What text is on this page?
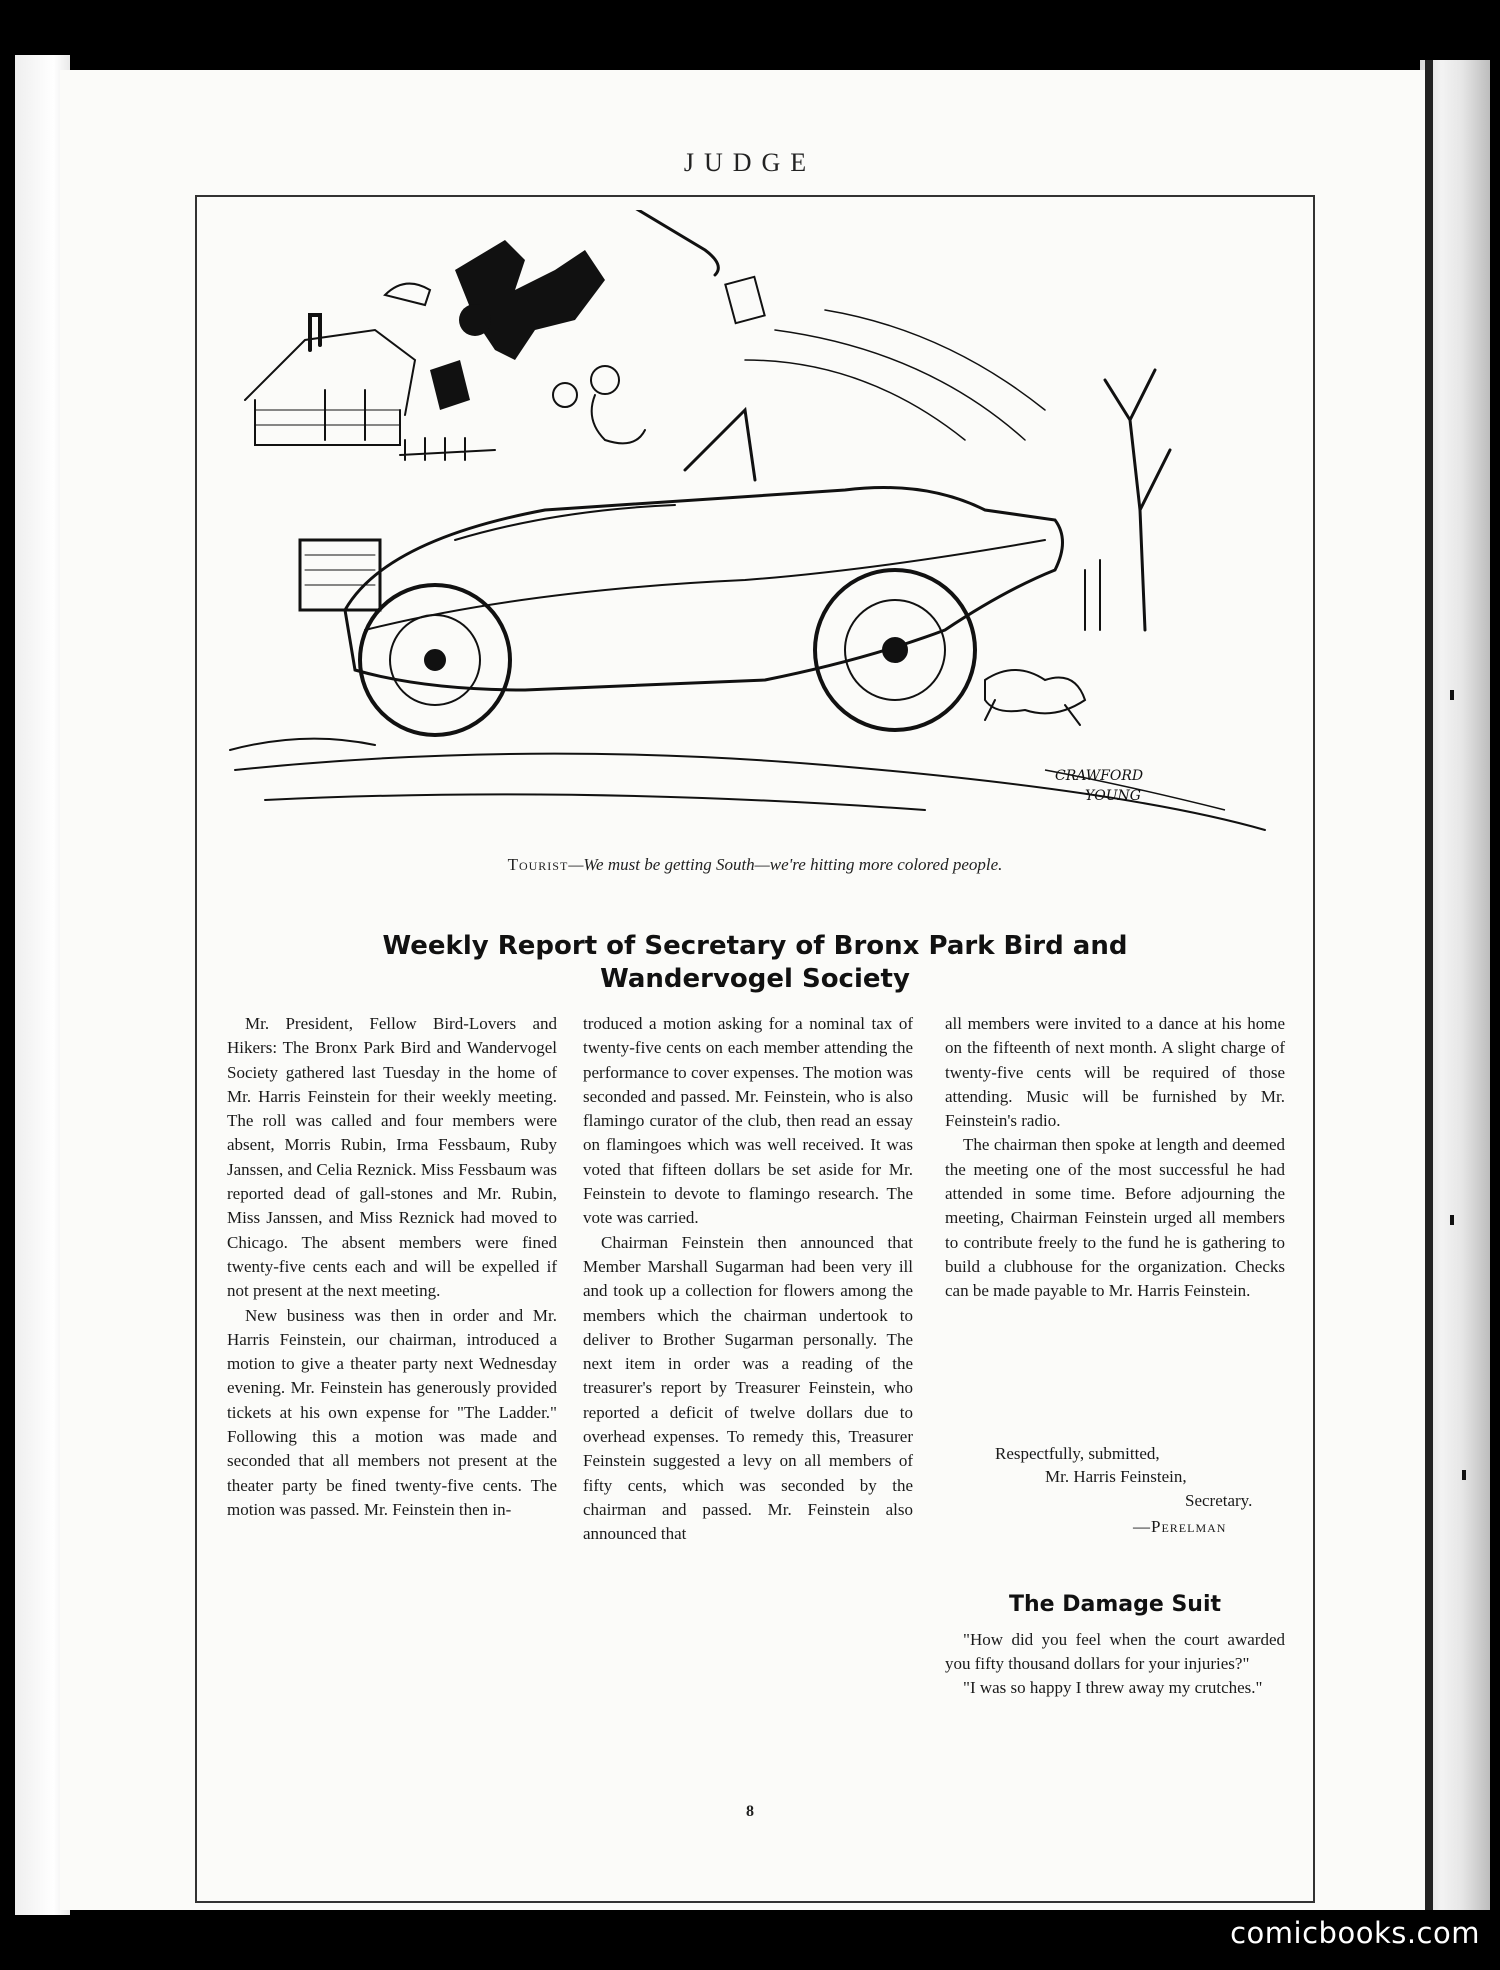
JUDGE
CRAWFORD
YOUNG
Tourist—We must be getting South—we're hitting more colored people.
Weekly Report of Secretary of Bronx Park Bird and
Wandervogel Society

Mr. President, Fellow Bird-Lovers and Hikers: The Bronx Park Bird and Wandervogel Society gathered last Tuesday in the home of Mr. Harris Feinstein for their weekly meeting. The roll was called and four members were absent, Morris Rubin, Irma Fessbaum, Ruby Janssen, and Celia Reznick. Miss Fessbaum was reported dead of gall-stones and Mr. Rubin, Miss Janssen, and Miss Reznick had moved to Chicago. The absent members were fined twenty-five cents each and will be expelled if not present at the next meeting.

New business was then in order and Mr. Harris Feinstein, our chairman, introduced a motion to give a theater party next Wednesday evening. Mr. Feinstein has generously provided tickets at his own expense for "The Ladder." Following this a motion was made and seconded that all members not present at the theater party be fined twenty-five cents. The motion was passed. Mr. Feinstein then in-

troduced a motion asking for a nominal tax of twenty-five cents on each member attending the performance to cover expenses. The motion was seconded and passed. Mr. Feinstein, who is also flamingo curator of the club, then read an essay on flamingoes which was well received. It was voted that fifteen dollars be set aside for Mr. Feinstein to devote to flamingo research. The vote was carried.

Chairman Feinstein then announced that Member Marshall Sugarman had been very ill and took up a collection for flowers among the members which the chairman undertook to deliver to Brother Sugarman personally. The next item in order was a reading of the treasurer's report by Treasurer Feinstein, who reported a deficit of twelve dollars due to overhead expenses. To remedy this, Treasurer Feinstein suggested a levy on all members of fifty cents, which was seconded by the chairman and passed. Mr. Feinstein also announced that

all members were invited to a dance at his home on the fifteenth of next month. A slight charge of twenty-five cents will be required of those attending. Music will be furnished by Mr. Feinstein's radio.

The chairman then spoke at length and deemed the meeting one of the most successful he had attended in some time. Before adjourning the meeting, Chairman Feinstein urged all members to contribute freely to the fund he is gathering to build a clubhouse for the organization. Checks can be made payable to Mr. Harris Feinstein.

Respectfully, submitted,
Mr. Harris Feinstein,
Secretary.
—Perelman
The Damage Suit

"How did you feel when the court awarded you fifty thousand dollars for your injuries?"

"I was so happy I threw away my crutches."

8
comicbooks.com
